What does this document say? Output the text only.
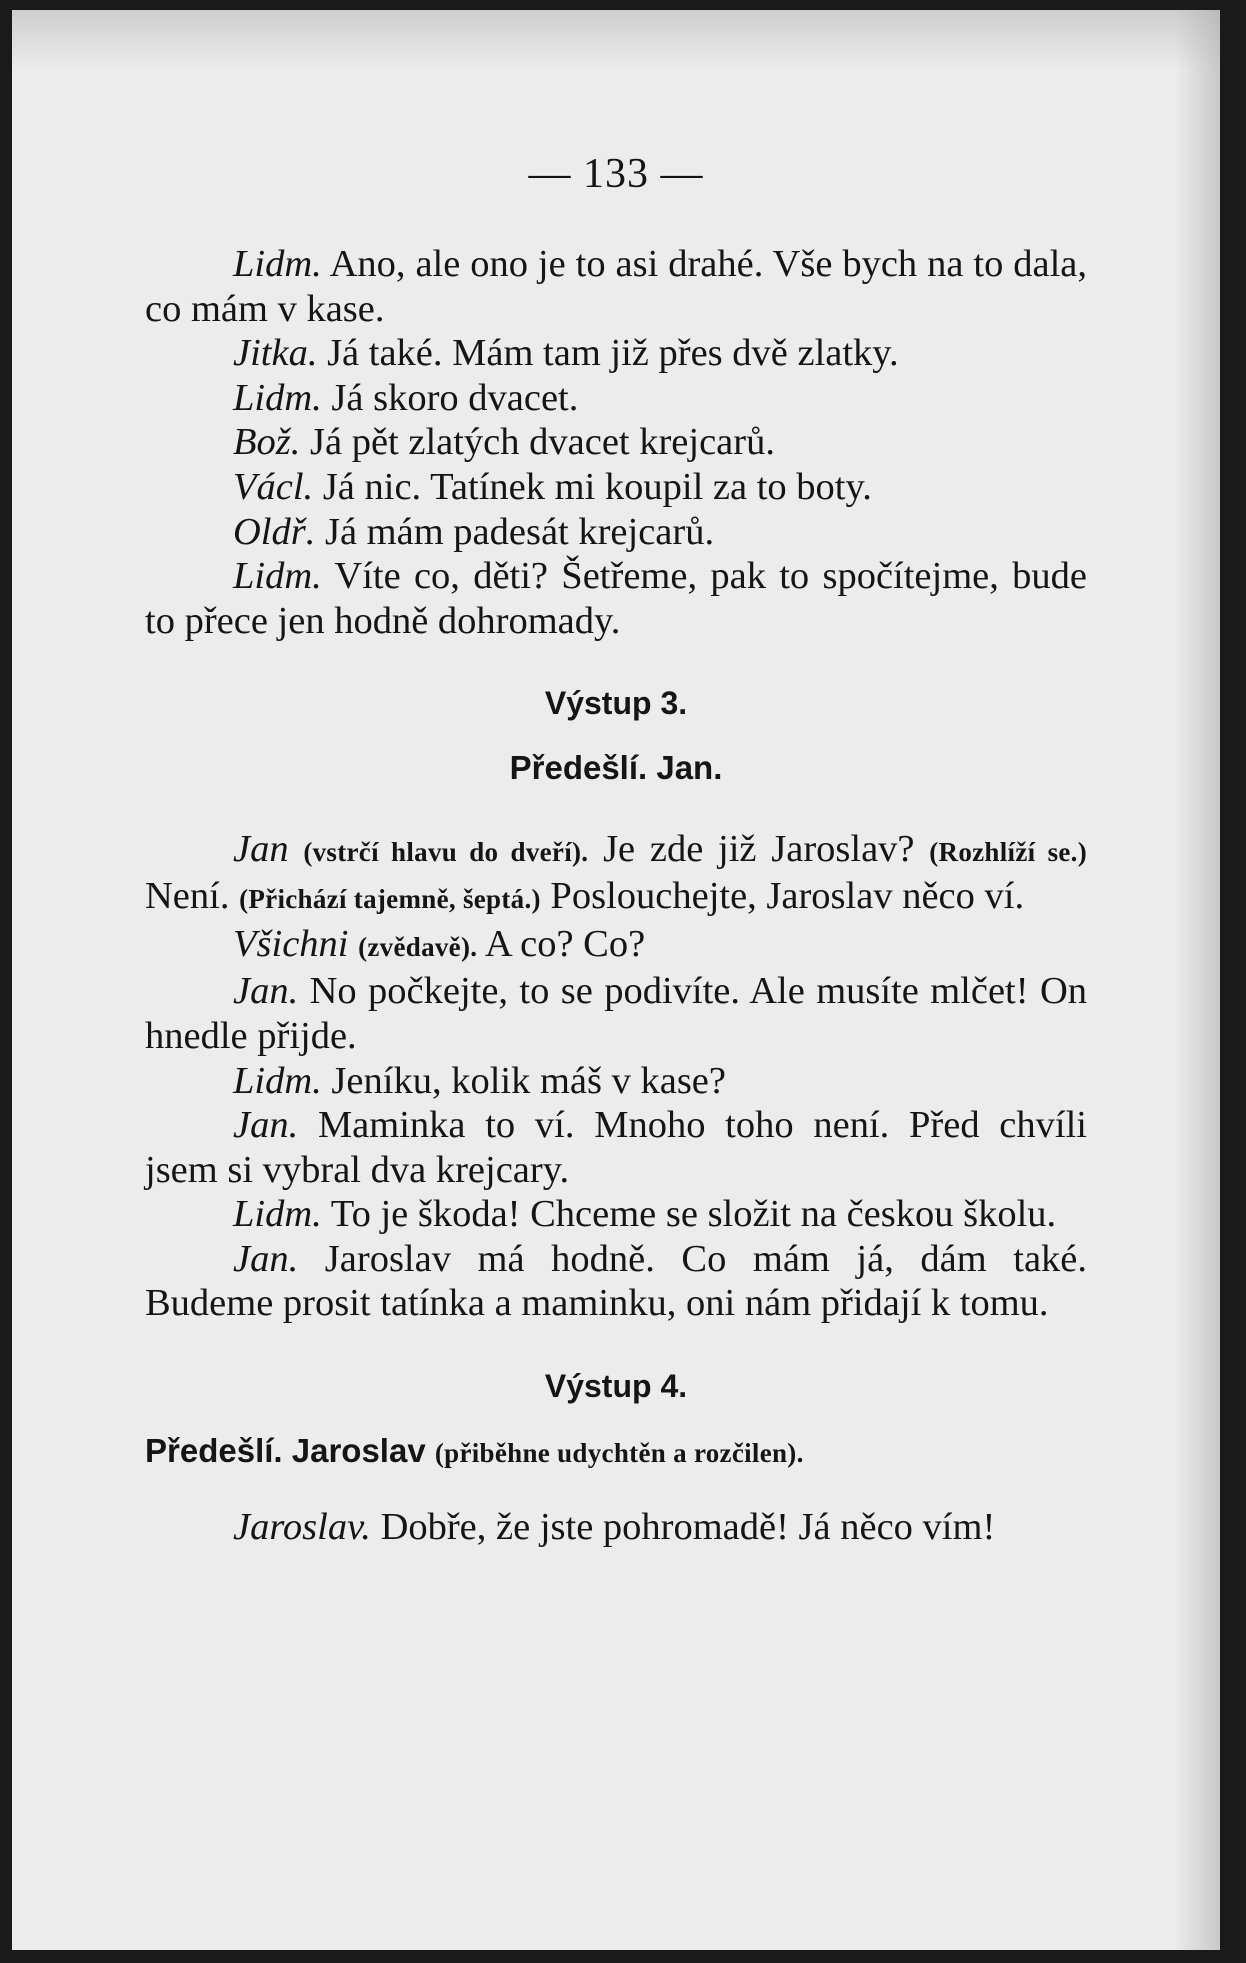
— 133 —

Lidm. Ano, ale ono je to asi drahé. Vše bych na to dala, co mám v kase.

Jitka. Já také. Mám tam již přes dvě zlatky.

Lidm. Já skoro dvacet.

Bož. Já pět zlatých dvacet krejcarů.

Václ. Já nic. Tatínek mi koupil za to boty.

Oldř. Já mám padesát krejcarů.

Lidm. Víte co, děti? Šetřeme, pak to spočítejme, bude to přece jen hodně dohromady.

Výstup 3.
Předešlí. Jan.

Jan (vstrčí hlavu do dveří). Je zde již Jaroslav? (Rozhlíží se.) Není. (Přichází tajemně, šeptá.) Poslouchejte, Jaroslav něco ví.

Všichni (zvědavě). A co? Co?

Jan. No počkejte, to se podivíte. Ale musíte mlčet! On hnedle přijde.

Lidm. Jeníku, kolik máš v kase?

Jan. Maminka to ví. Mnoho toho není. Před chvíli jsem si vybral dva krejcary.

Lidm. To je škoda! Chceme se složit na českou školu.

Jan. Jaroslav má hodně. Co mám já, dám také. Budeme prosit tatínka a maminku, oni nám přidají k tomu.

Výstup 4.
Předešlí. Jaroslav (přiběhne udychtěn a rozčilen).

Jaroslav. Dobře, že jste pohromadě! Já něco vím!
